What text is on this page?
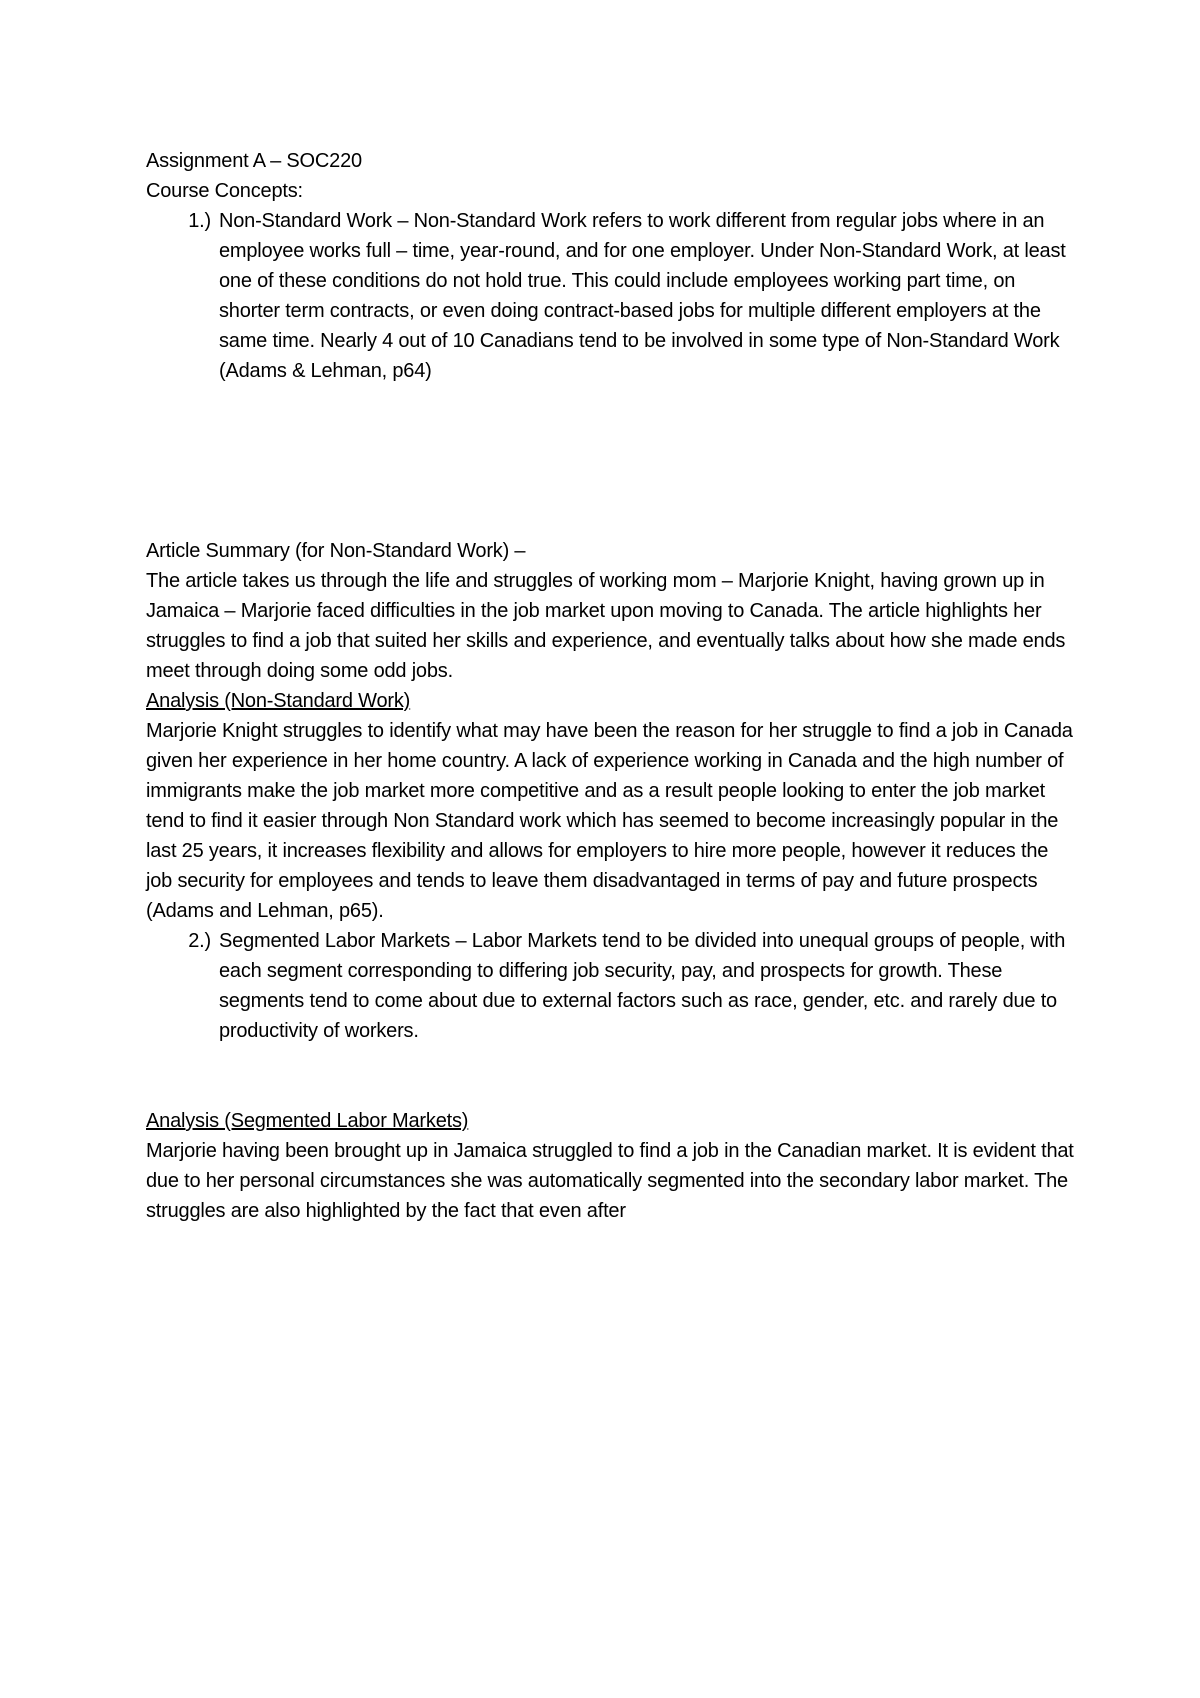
Assignment A – SOC220

Course Concepts:

1.) Non-Standard Work – Non-Standard Work refers to work different from regular jobs where in an employee works full – time, year-round, and for one employer. Under Non-Standard Work, at least one of these conditions do not hold true. This could include employees working part time, on shorter term contracts, or even doing contract-based jobs for multiple different employers at the same time. Nearly 4 out of 10 Canadians tend to be involved in some type of Non-Standard Work
(Adams & Lehman, p64)

Article Summary (for Non-Standard Work) –

The article takes us through the life and struggles of working mom – Marjorie Knight, having grown up in Jamaica – Marjorie faced difficulties in the job market upon moving to Canada. The article highlights her struggles to find a job that suited her skills and experience, and eventually talks about how she made ends meet through doing some odd jobs.

Analysis (Non-Standard Work)

Marjorie Knight struggles to identify what may have been the reason for her struggle to find a job in Canada given her experience in her home country. A lack of experience working in Canada and the high number of immigrants make the job market more competitive and as a result people looking to enter the job market tend to find it easier through Non Standard work which has seemed to become increasingly popular in the last 25 years, it increases flexibility and allows for employers to hire more people, however it reduces the job security for employees and tends to leave them disadvantaged in terms of pay and future prospects (Adams and Lehman, p65).

2.) Segmented Labor Markets – Labor Markets tend to be divided into unequal groups of people, with each segment corresponding to differing job security, pay, and prospects for growth. These segments tend to come about due to external factors such as race, gender, etc. and rarely due to productivity of workers.

Analysis (Segmented Labor Markets)

Marjorie having been brought up in Jamaica struggled to find a job in the Canadian market. It is evident that due to her personal circumstances she was automatically segmented into the secondary labor market. The struggles are also highlighted by the fact that even after
